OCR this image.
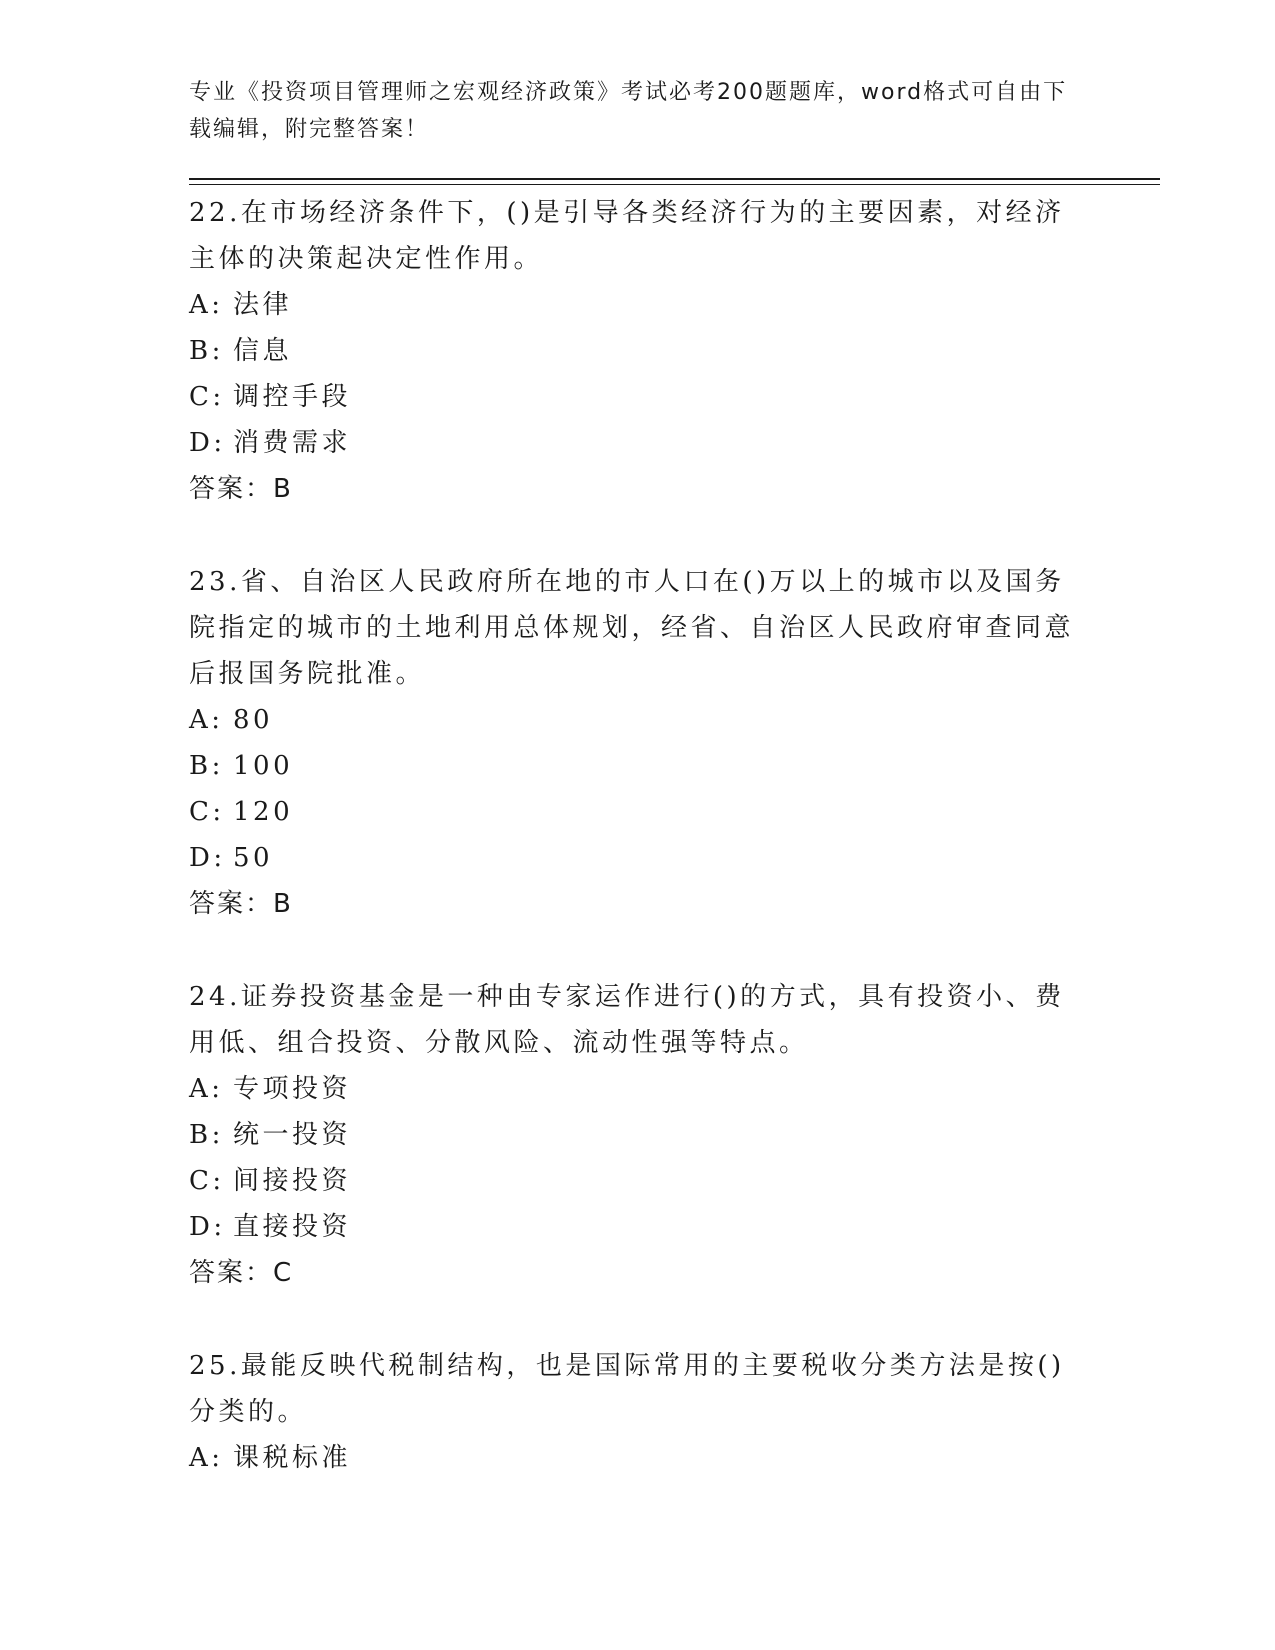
专业《投资项目管理师之宏观经济政策》考试必考200题题库，word格式可自由下载编辑，附完整答案！

22.在市场经济条件下，()是引导各类经济行为的主要因素，对经济主体的决策起决定性作用。

A: 法律

B: 信息

C: 调控手段

D: 消费需求

答案：B

23.省、自治区人民政府所在地的市人口在()万以上的城市以及国务院指定的城市的土地利用总体规划，经省、自治区人民政府审查同意后报国务院批准。

A: 80

B: 100

C: 120

D: 50

答案：B

24.证券投资基金是一种由专家运作进行()的方式，具有投资小、费用低、组合投资、分散风险、流动性强等特点。

A: 专项投资

B: 统一投资

C: 间接投资

D: 直接投资

答案：C

25.最能反映代税制结构，也是国际常用的主要税收分类方法是按()分类的。

A: 课税标准
